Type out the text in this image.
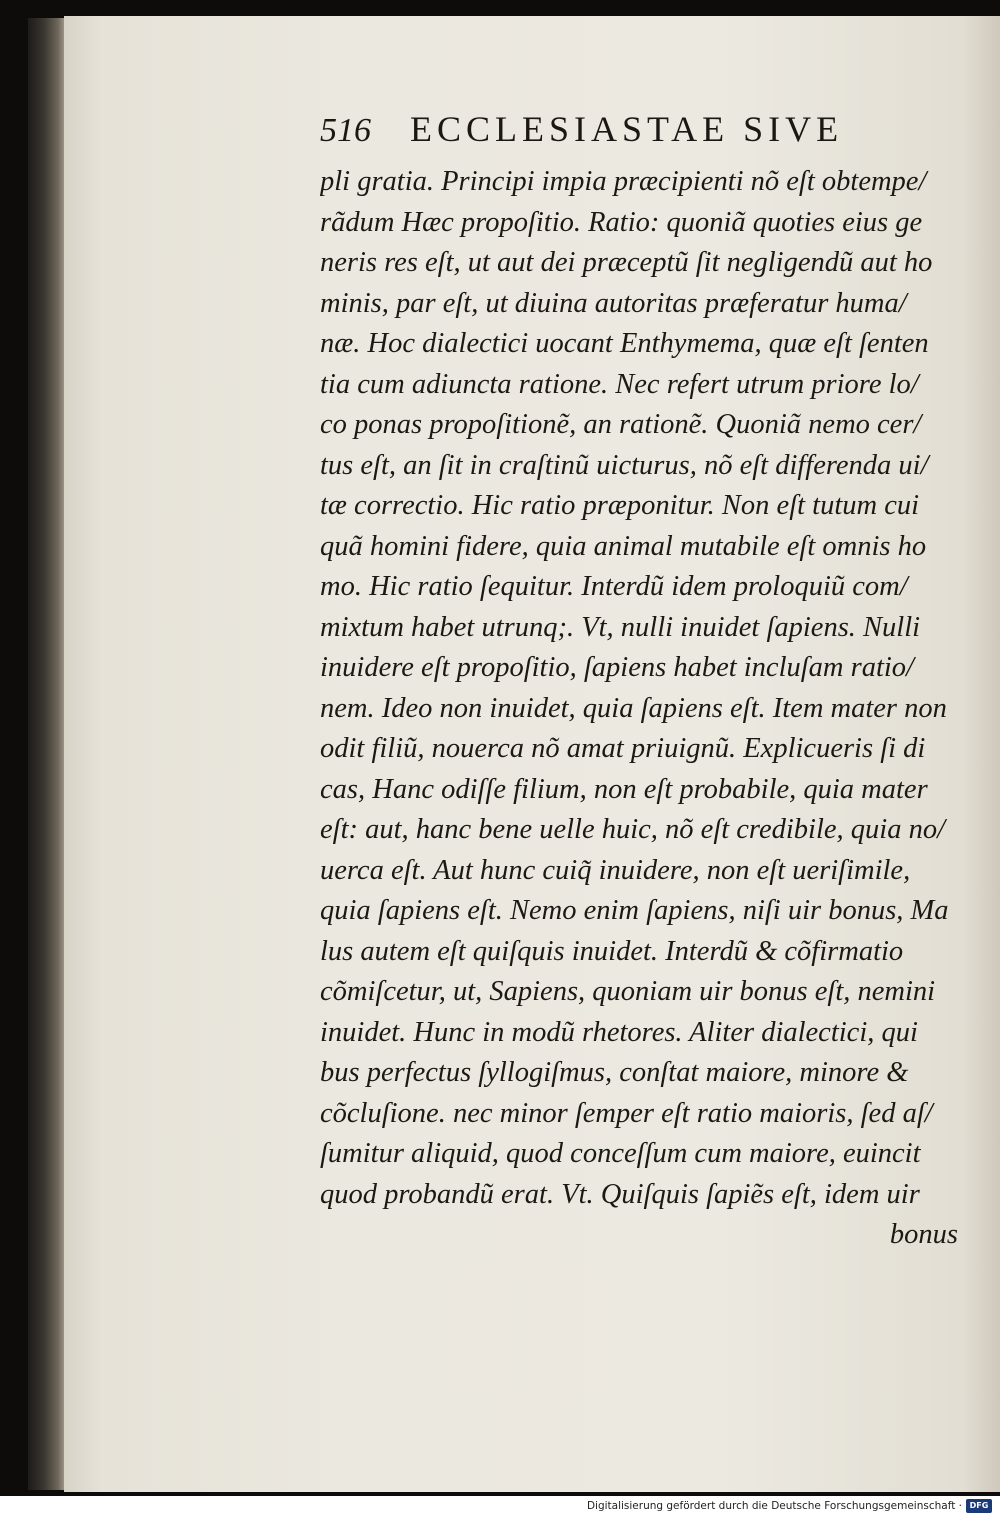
516 ECCLESIASTAE SIVE
pli gratia. Principi impia præcipienti nõ eſt obtempe/
rãdum Hæc propoſitio. Ratio: quoniã quoties eius ge
neris res eſt, ut aut dei præceptũ ſit negligendũ aut ho
minis, par eſt, ut diuina autoritas præferatur huma/
næ. Hoc dialectici uocant Enthymema, quæ eſt ſenten
tia cum adiuncta ratione. Nec refert utrum priore lo/
co ponas propoſitionẽ, an rationẽ. Quoniã nemo cer/
tus eſt, an ſit in craſtinũ uicturus, nõ eſt differenda ui/
tæ correctio. Hic ratio præponitur. Non eſt tutum cui
quã homini fidere, quia animal mutabile eſt omnis ho
mo. Hic ratio ſequitur. Interdũ idem proloquiũ com/
mixtum habet utrunq;. Vt, nulli inuidet ſapiens. Nulli
inuidere eſt propoſitio, ſapiens habet incluſam ratio/
nem. Ideo non inuidet, quia ſapiens eſt. Item mater non
odit filiũ, nouerca nõ amat priuignũ. Explicueris ſi di
cas, Hanc odiſſe filium, non eſt probabile, quia mater
eſt: aut, hanc bene uelle huic, nõ eſt credibile, quia no/
uerca eſt. Aut hunc cuiq̃ inuidere, non eſt ueriſimile,
quia ſapiens eſt. Nemo enim ſapiens, niſi uir bonus, Ma
lus autem eſt quiſquis inuidet. Interdũ & cõfirmatio
cõmiſcetur, ut, Sapiens, quoniam uir bonus eſt, nemini
inuidet. Hunc in modũ rhetores. Aliter dialectici, qui
bus perfectus ſyllogiſmus, conſtat maiore, minore &
cõcluſione. nec minor ſemper eſt ratio maioris, ſed aſ/
ſumitur aliquid, quod conceſſum cum maiore, euincit
quod probandũ erat. Vt. Quiſquis ſapiẽs eſt, idem uir
bonus
Digitalisierung gefördert durch die Deutsche Forschungsgemeinschaft · DFG
